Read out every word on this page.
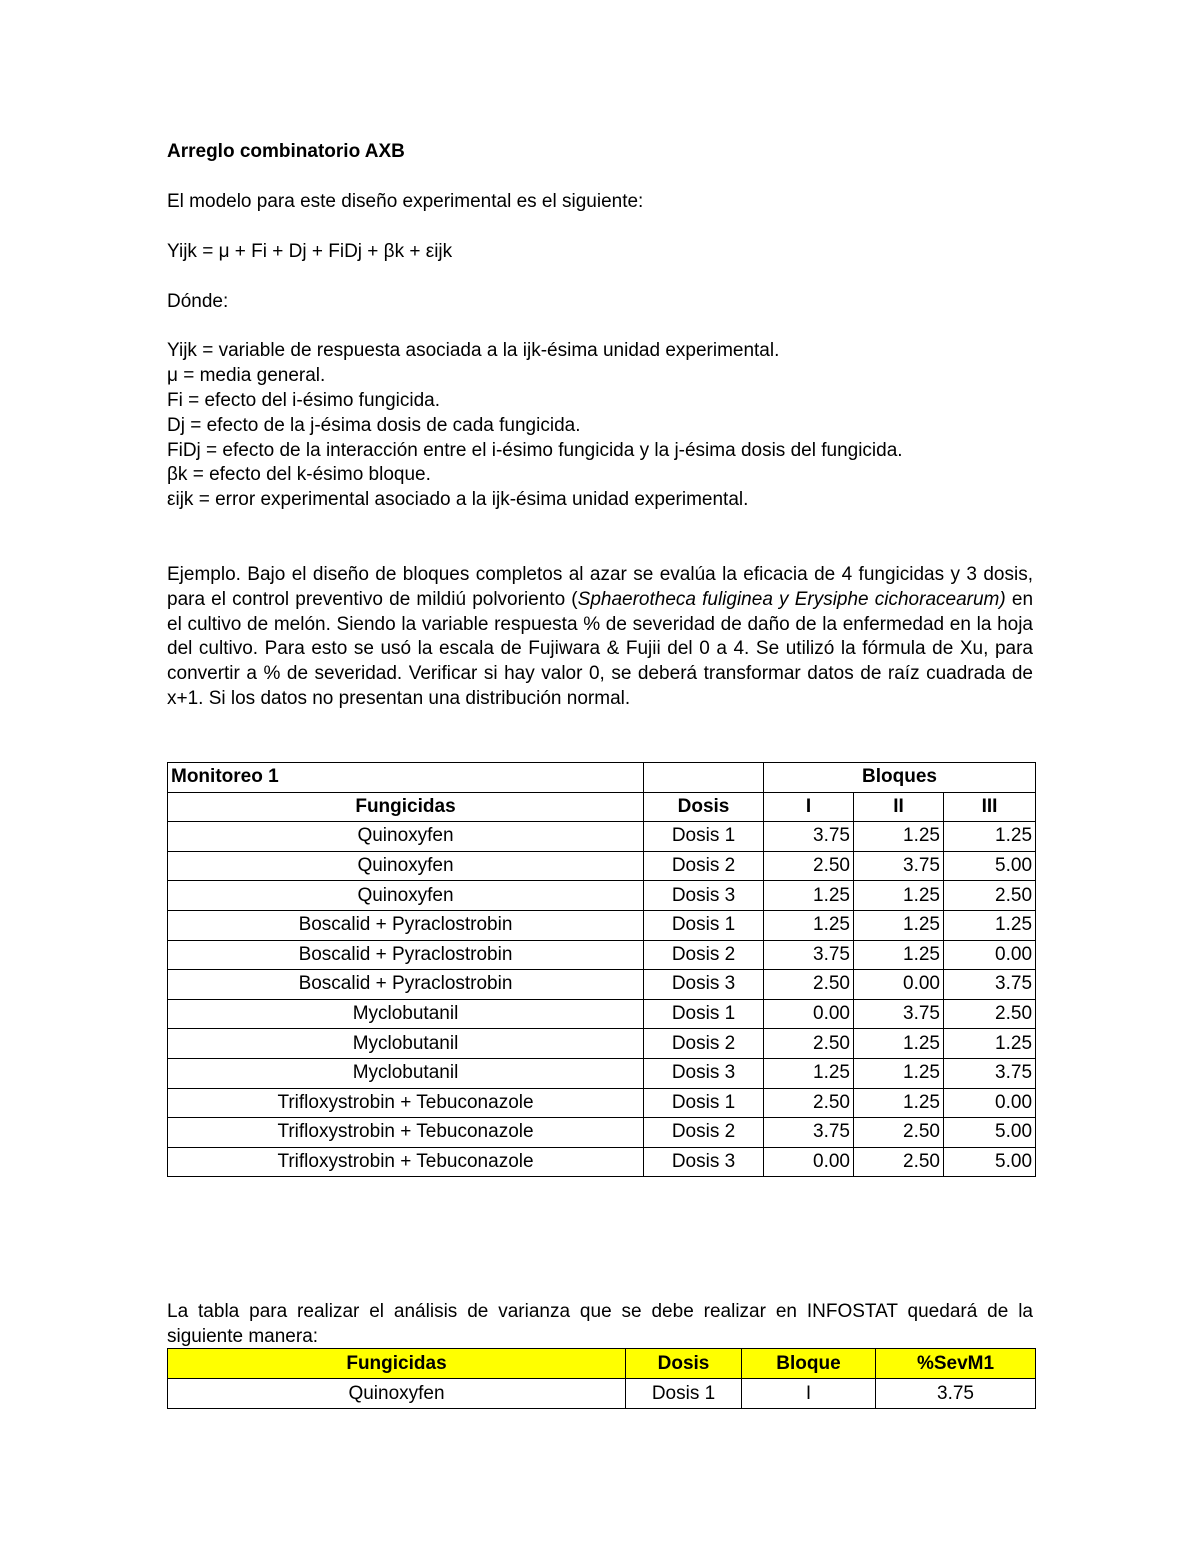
Arreglo combinatorio AXB

El modelo para este diseño experimental es el siguiente:

Yijk = μ + Fi + Dj + FiDj + βk + εijk

Dónde:

Yijk = variable de respuesta asociada a la ijk-ésima unidad experimental.

μ = media general.

Fi = efecto del i-ésimo fungicida.

Dj = efecto de la j-ésima dosis de cada fungicida.

FiDj = efecto de la interacción entre el i-ésimo fungicida y la j-ésima dosis del fungicida.

βk = efecto del k-ésimo bloque.

εijk = error experimental asociado a la ijk-ésima unidad experimental.

Ejemplo. Bajo el diseño de bloques completos al azar se evalúa la eficacia de 4 fungicidas y 3 dosis, para el control preventivo de mildiú polvoriento (Sphaerotheca fuliginea y Erysiphe cichoracearum) en el cultivo de melón. Siendo la variable respuesta % de severidad de daño de la enfermedad en la hoja del cultivo. Para esto se usó la escala de Fujiwara & Fujii del 0 a 4. Se utilizó la fórmula de Xu, para convertir a % de severidad. Verificar si hay valor 0, se deberá transformar datos de raíz cuadrada de x+1. Si los datos no presentan una distribución normal.

Monitoreo 1		Bloques		
Fungicidas	Dosis	I	II	III
Quinoxyfen	Dosis 1	3.75	1.25	1.25
Quinoxyfen	Dosis 2	2.50	3.75	5.00
Quinoxyfen	Dosis 3	1.25	1.25	2.50
Boscalid + Pyraclostrobin	Dosis 1	1.25	1.25	1.25
Boscalid + Pyraclostrobin	Dosis 2	3.75	1.25	0.00
Boscalid + Pyraclostrobin	Dosis 3	2.50	0.00	3.75
Myclobutanil	Dosis 1	0.00	3.75	2.50
Myclobutanil	Dosis 2	2.50	1.25	1.25
Myclobutanil	Dosis 3	1.25	1.25	3.75
Trifloxystrobin + Tebuconazole	Dosis 1	2.50	1.25	0.00
Trifloxystrobin + Tebuconazole	Dosis 2	3.75	2.50	5.00
Trifloxystrobin + Tebuconazole	Dosis 3	0.00	2.50	5.00

La tabla para realizar el análisis de varianza que se debe realizar en INFOSTAT quedará de la siguiente manera:

Fungicidas	Dosis	Bloque	%SevM1
Quinoxyfen	Dosis 1	I	3.75
